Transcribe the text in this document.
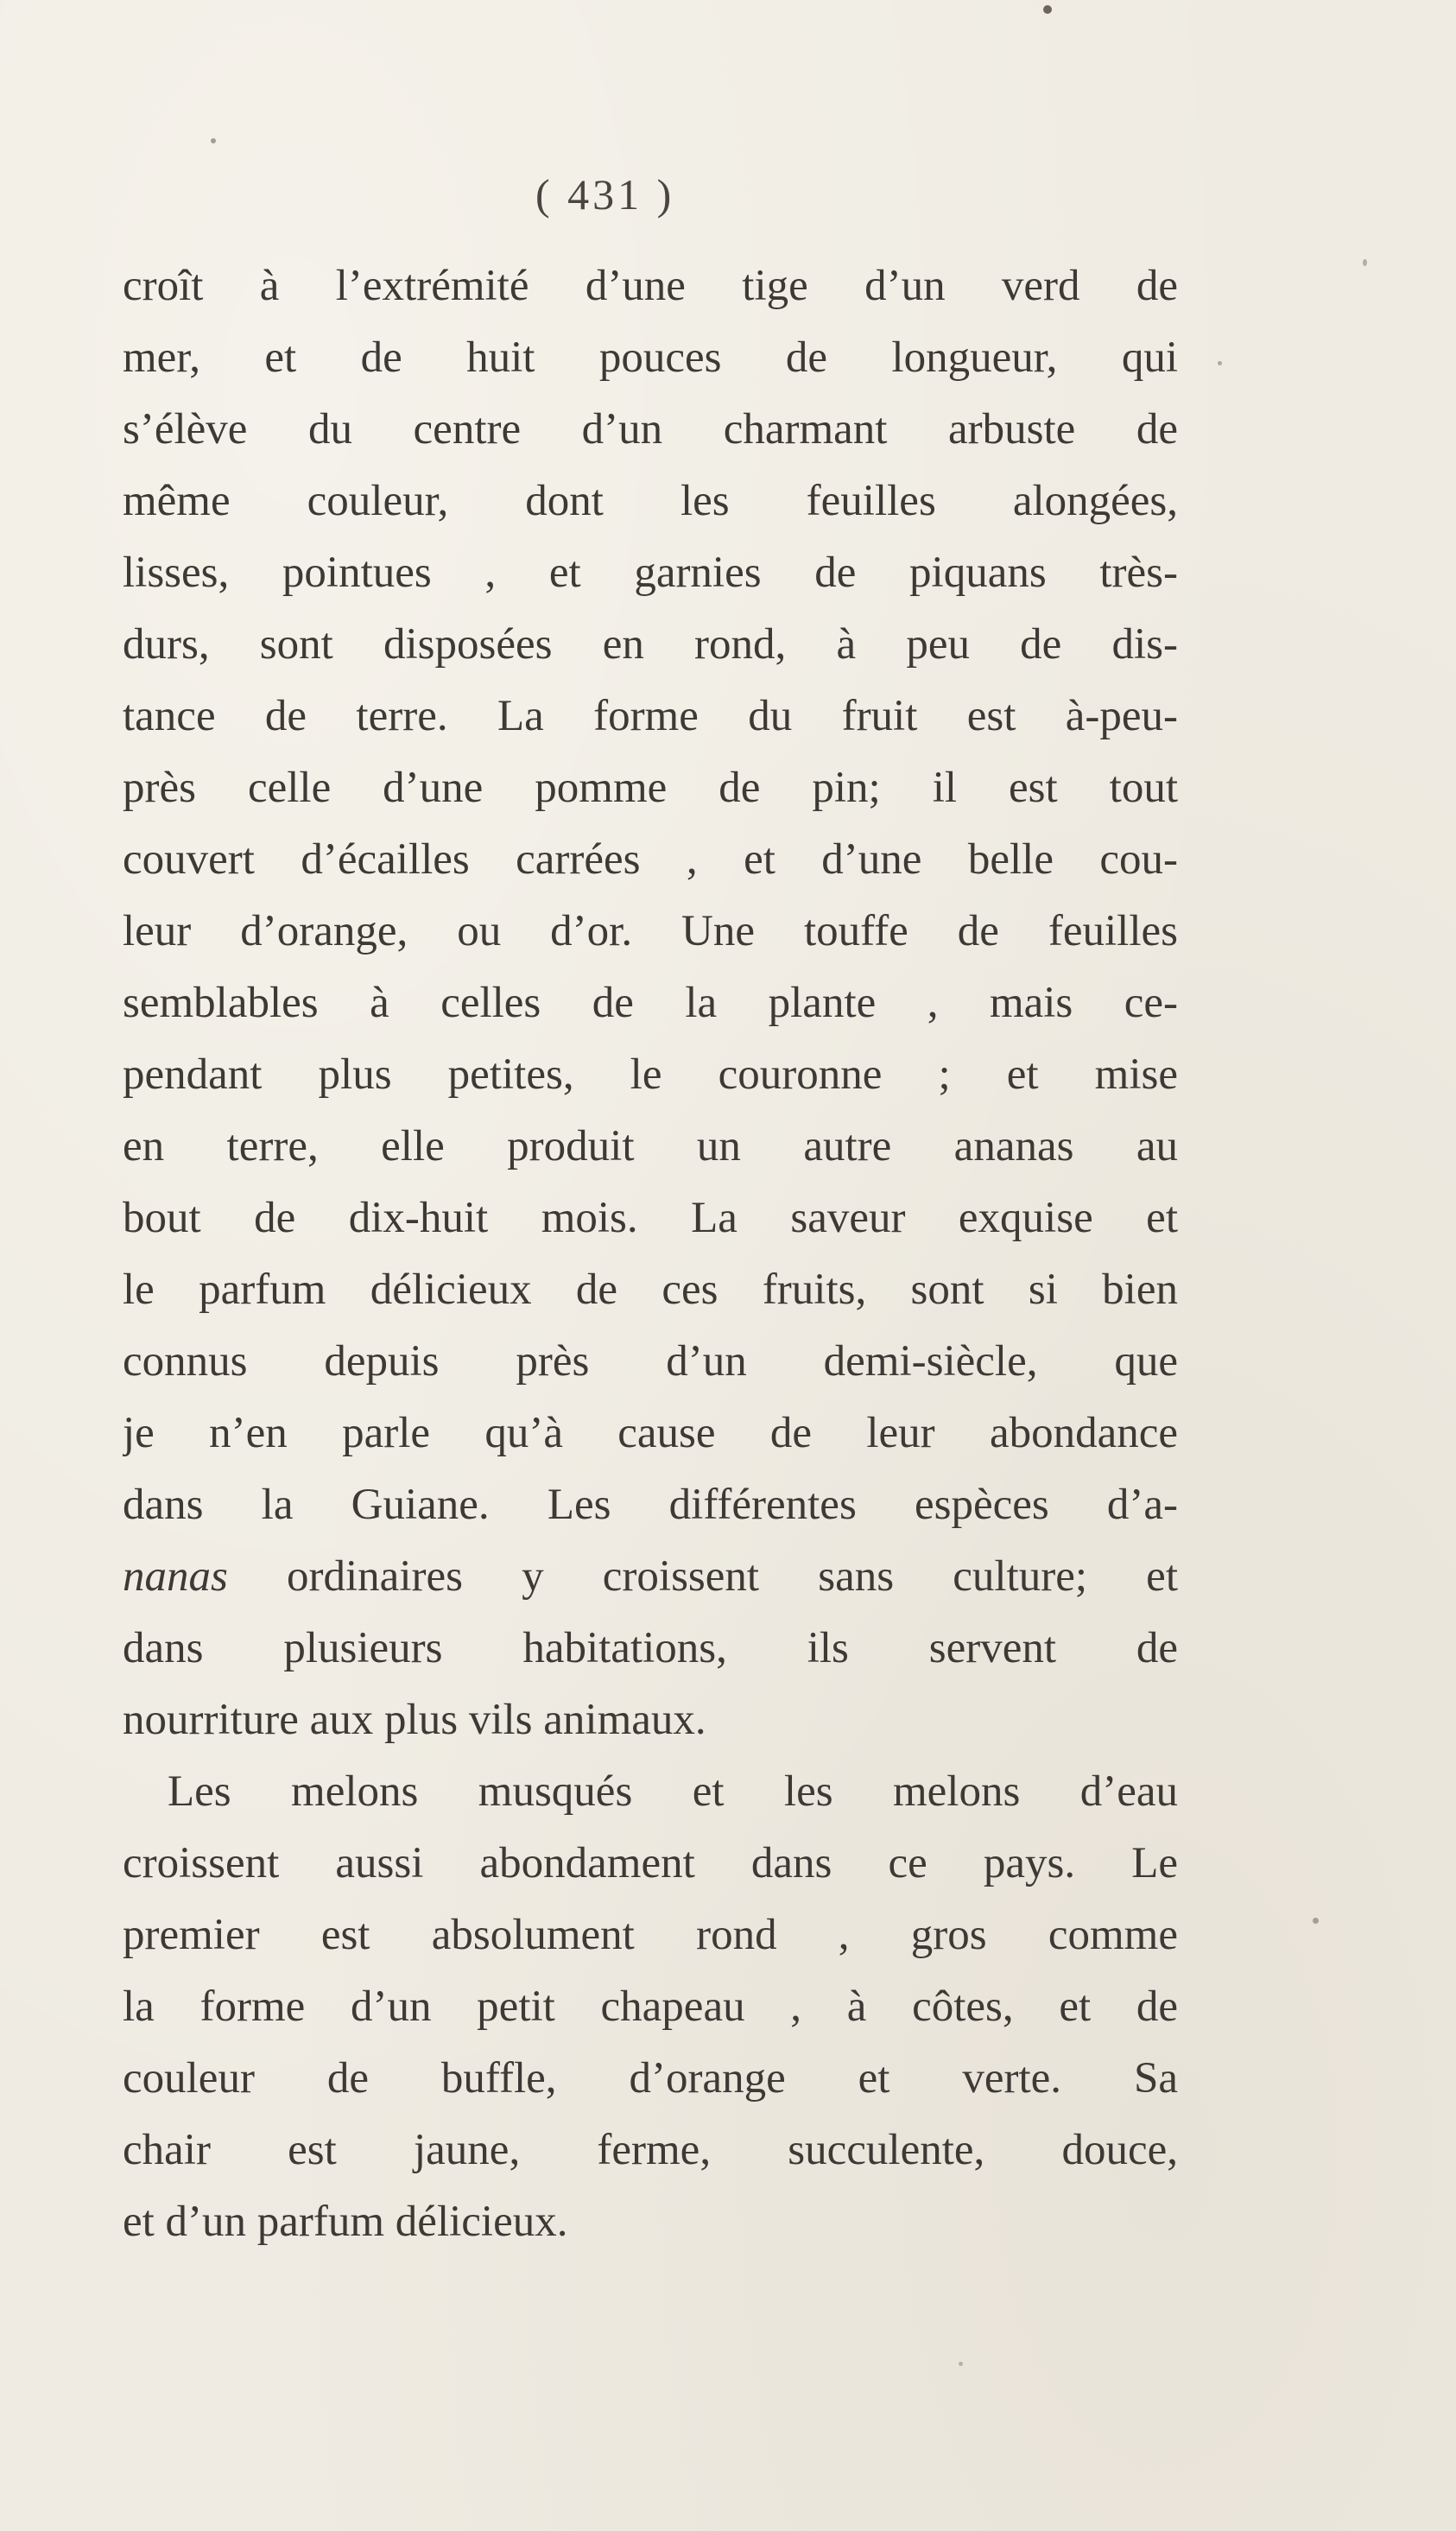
( 431 )
croît à l’extrémité d’une tige d’un verd de
mer, et de huit pouces de longueur, qui
s’élève du centre d’un charmant arbuste de
même couleur, dont les feuilles alongées,
lisses, pointues , et garnies de piquans très-
durs, sont disposées en rond, à peu de dis-
tance de terre. La forme du fruit est à-peu-
près celle d’une pomme de pin; il est tout
couvert d’écailles carrées , et d’une belle cou-
leur d’orange, ou d’or. Une touffe de feuilles
semblables à celles de la plante , mais ce-
pendant plus petites, le couronne ; et mise
en terre, elle produit un autre ananas au
bout de dix-huit mois. La saveur exquise et
le parfum délicieux de ces fruits, sont si bien
connus depuis près d’un demi-siècle, que
je n’en parle qu’à cause de leur abondance
dans la Guiane. Les différentes espèces d’a-
nanas ordinaires y croissent sans culture; et
dans plusieurs habitations, ils servent de
nourriture aux plus vils animaux.
Les melons musqués et les melons d’eau
croissent aussi abondament dans ce pays. Le
premier est absolument rond , gros comme
la forme d’un petit chapeau , à côtes, et de
couleur de buffle, d’orange et verte. Sa
chair est jaune, ferme, succulente, douce,
et d’un parfum délicieux.
